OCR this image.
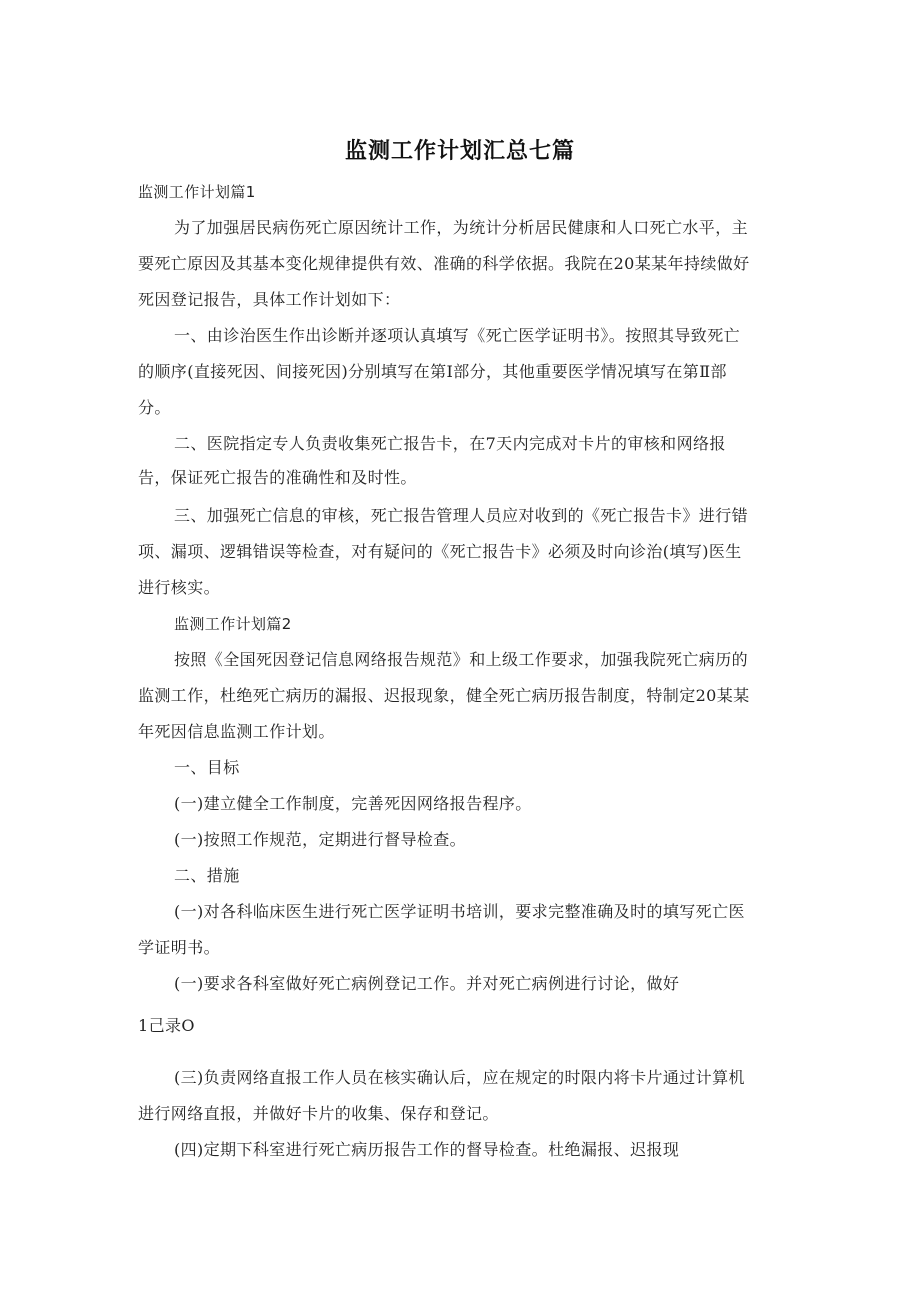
监测工作计划汇总七篇
监测工作计划篇1
为了加强居民病伤死亡原因统计工作，为统计分析居民健康和人口死亡水平，主
要死亡原因及其基本变化规律提供有效、准确的科学依据。我院在20某某年持续做好
死因登记报告，具体工作计划如下：
一、由诊治医生作出诊断并逐项认真填写《死亡医学证明书》。按照其导致死亡
的顺序(直接死因、间接死因)分别填写在第Ⅰ部分，其他重要医学情况填写在第Ⅱ部
分。
二、医院指定专人负责收集死亡报告卡，在7天内完成对卡片的审核和网络报
告，保证死亡报告的准确性和及时性。
三、加强死亡信息的审核，死亡报告管理人员应对收到的《死亡报告卡》进行错
项、漏项、逻辑错误等检查，对有疑问的《死亡报告卡》必须及时向诊治(填写)医生
进行核实。
监测工作计划篇2
按照《全国死因登记信息网络报告规范》和上级工作要求，加强我院死亡病历的
监测工作，杜绝死亡病历的漏报、迟报现象，健全死亡病历报告制度，特制定20某某
年死因信息监测工作计划。
一、目标
(一)建立健全工作制度，完善死因网络报告程序。
(一)按照工作规范，定期进行督导检查。
二、措施
(一)对各科临床医生进行死亡医学证明书培训，要求完整准确及时的填写死亡医
学证明书。
(一)要求各科室做好死亡病例登记工作。并对死亡病例进行讨论，做好
1己录O
(三)负责网络直报工作人员在核实确认后，应在规定的时限内将卡片通过计算机
进行网络直报，并做好卡片的收集、保存和登记。
(四)定期下科室进行死亡病历报告工作的督导检查。杜绝漏报、迟报现
